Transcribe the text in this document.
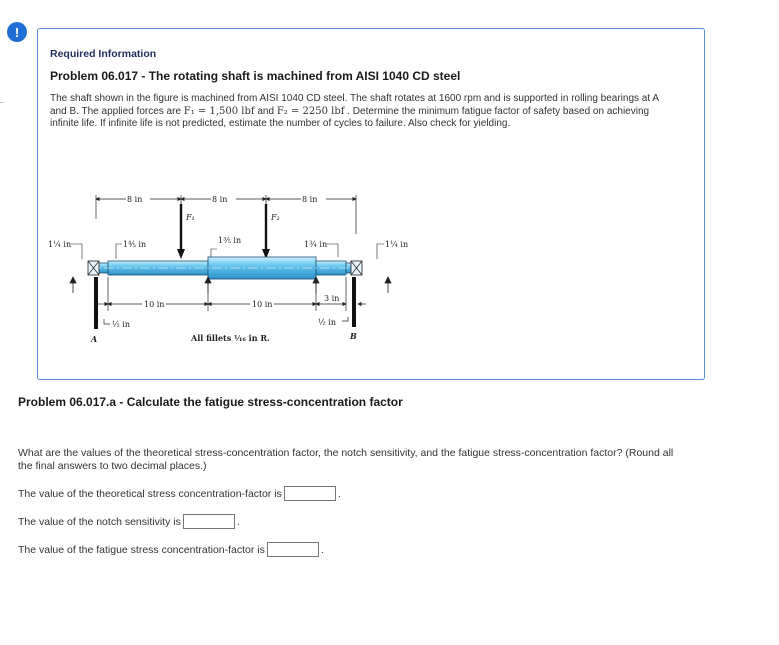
!
Required Information
Problem 06.017 - The rotating shaft is machined from AISI 1040 CD steel
The shaft shown in the figure is machined from AISI 1040 CD steel. The shaft rotates at 1600 rpm and is supported in rolling bearings at A and B. The applied forces are F₁ = 1,500 lbf and F₂ = 2250 lbf . Determine the minimum fatigue factor of safety based on achieving infinite life. If infinite life is not predicted, estimate the number of cycles to failure. Also check for yielding.
8 in	8 in	8 in
F₁	F₂
1¼ in	1⅘ in	1⅗ in	1¾ in	1¼ in
10 in	10 in
3 in
½ in	½ in
A	B
All fillets ¹⁄₁₆ in R.
Problem 06.017.a - Calculate the fatigue stress-concentration factor
What are the values of the theoretical stress-concentration factor, the notch sensitivity, and the fatigue stress-concentration factor? (Round all the final answers to two decimal places.)
The value of the theoretical stress concentration-factor is	.
The value of the notch sensitivity is	.
The value of the fatigue stress concentration-factor is	.
